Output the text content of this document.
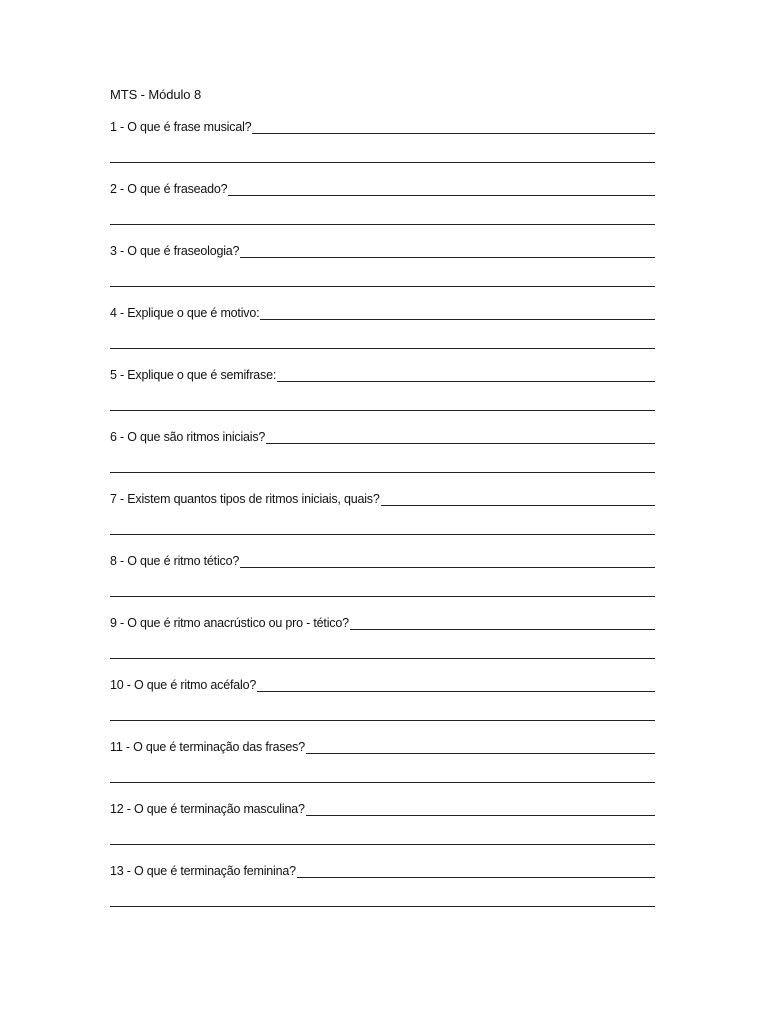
MTS - Módulo 8
1 - O que é frase musical?
2 - O que é fraseado?
3 - O que é fraseologia?
4 - Explique o que é motivo:
5 - Explique o que é semifrase:
6 - O que são ritmos iniciais?
7 - Existem quantos tipos de ritmos iniciais, quais?
8 - O que é ritmo tético?
9 - O que é ritmo anacrústico ou pro - tético?
10 - O que é ritmo acéfalo?
11 - O que é terminação das frases?
12 - O que é terminação masculina?
13 - O que é terminação feminina?
